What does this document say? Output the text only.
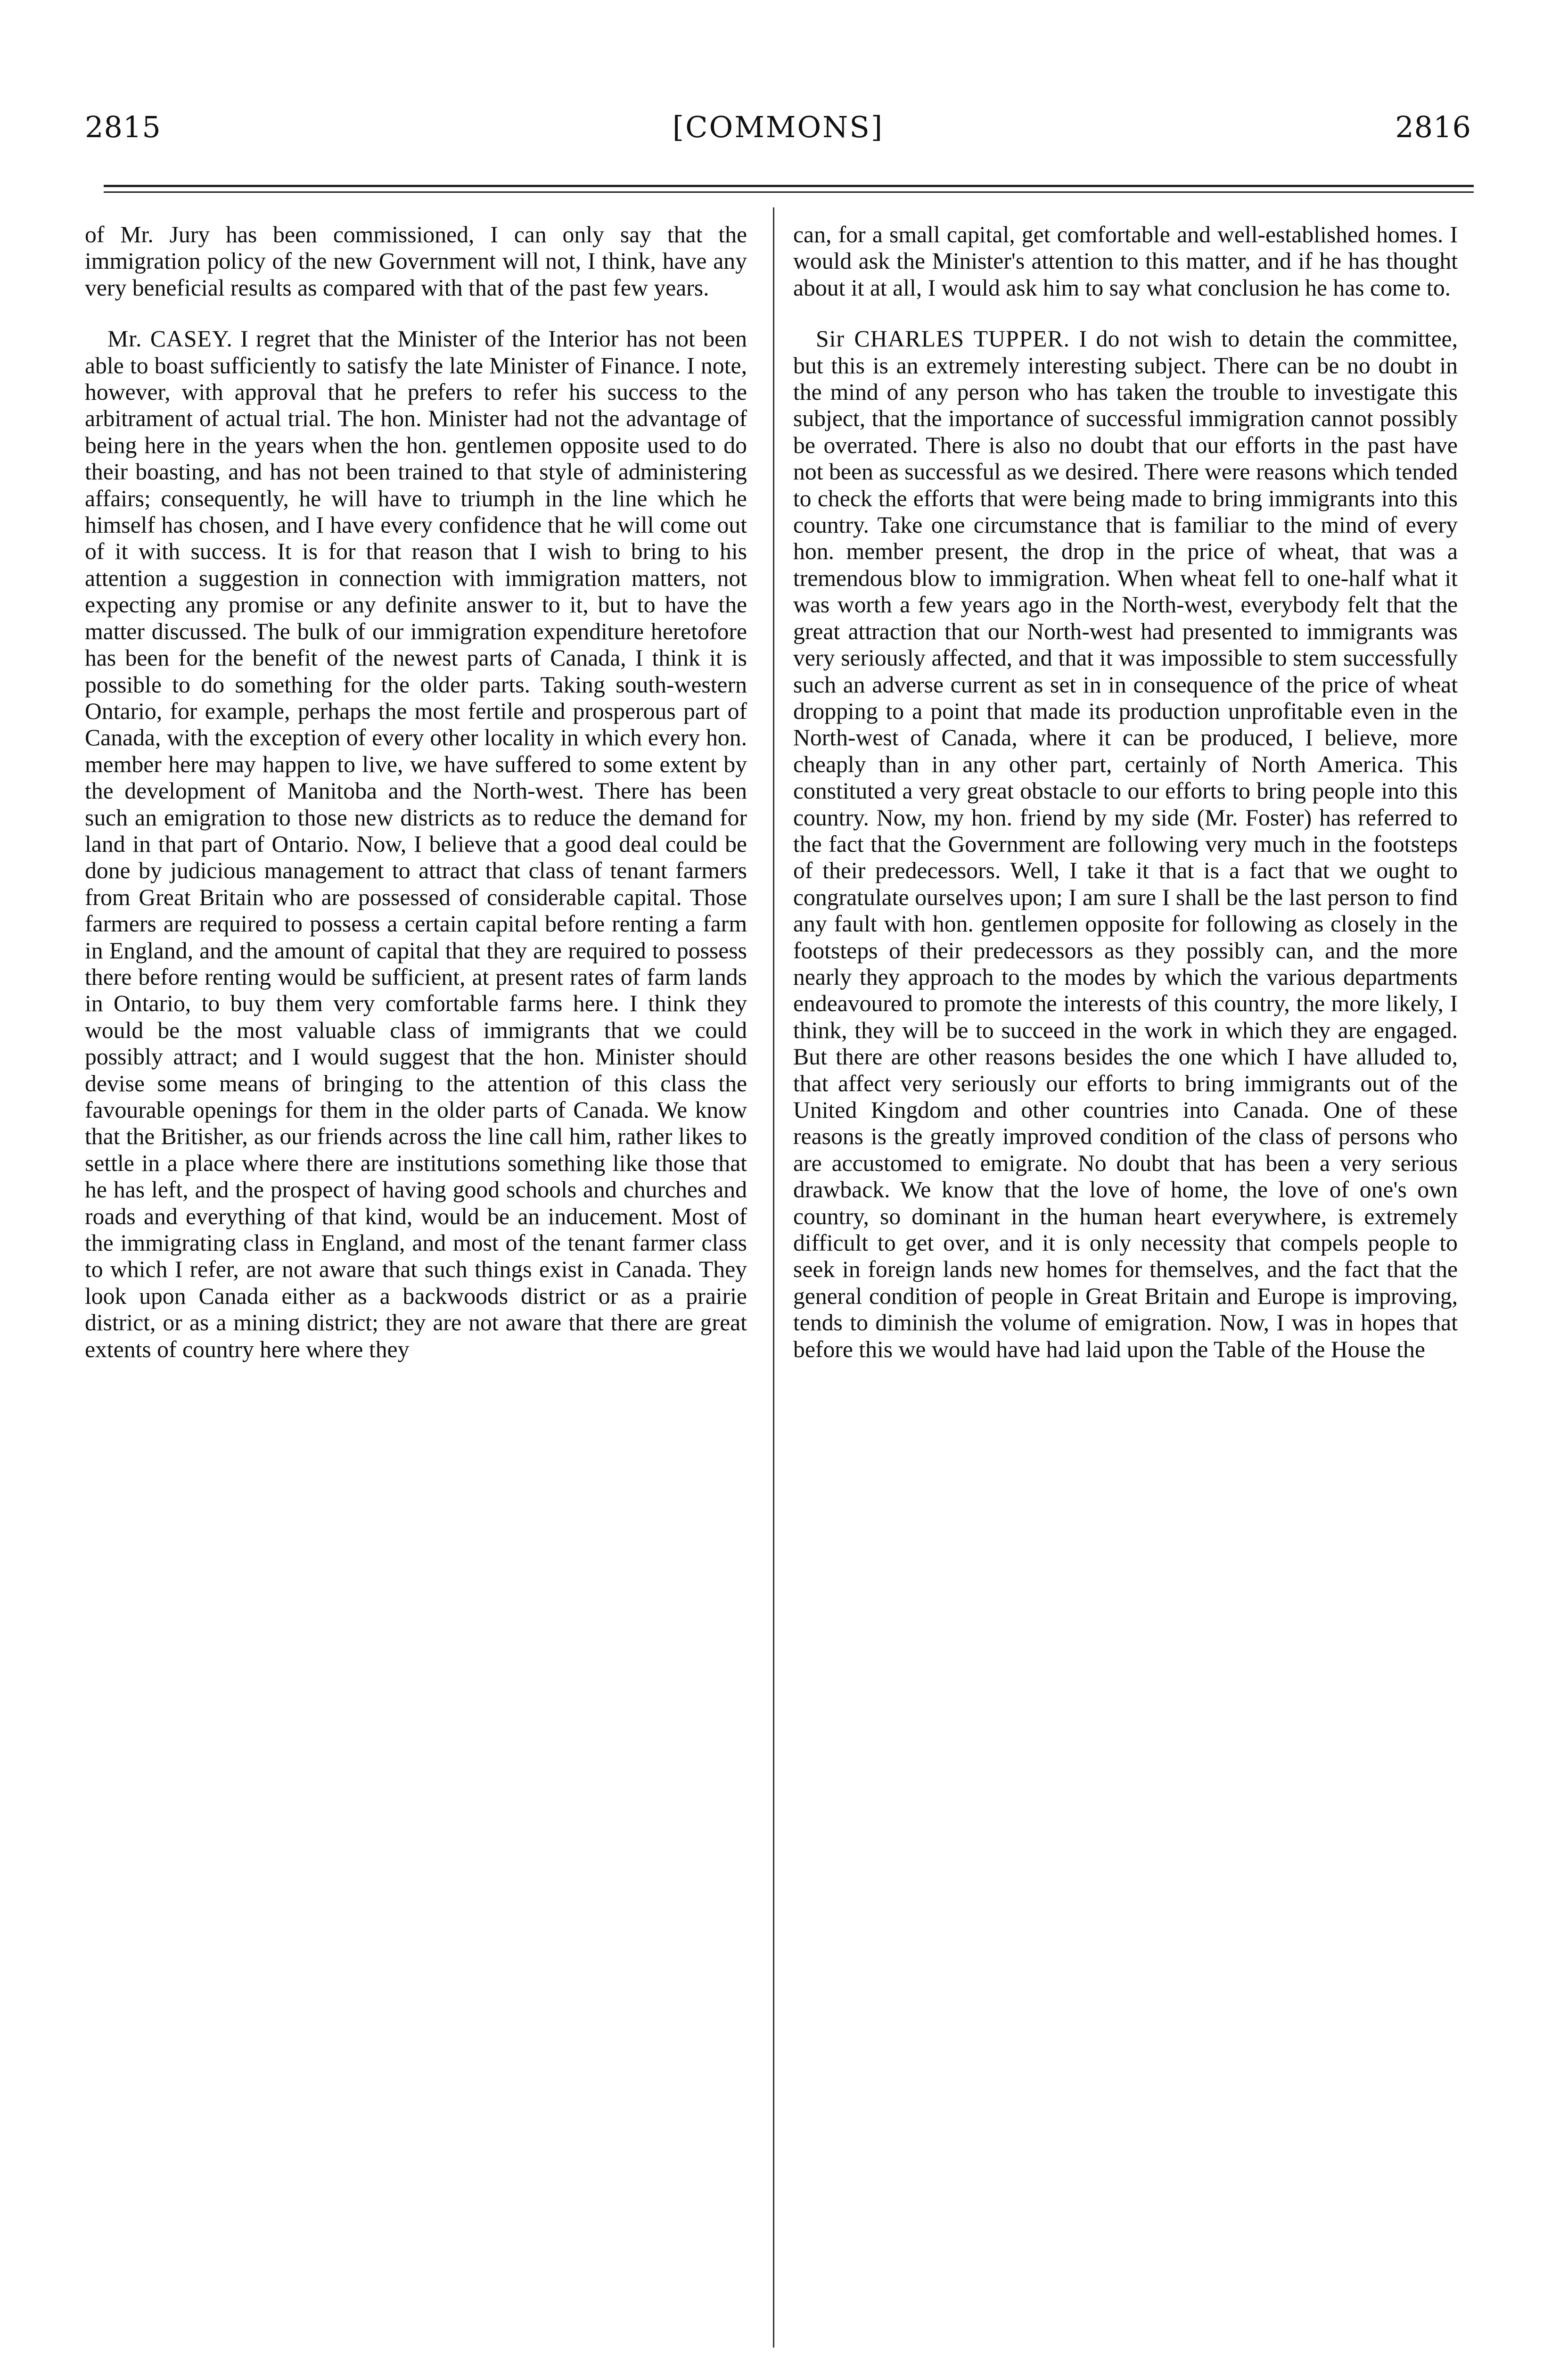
2815	[COMMONS]	2816

of Mr. Jury has been commissioned, I can only say that the immigration policy of the new Government will not, I think, have any very beneficial results as compared with that of the past few years.

Mr. CASEY. I regret that the Minister of the Interior has not been able to boast sufficiently to satisfy the late Minister of Finance. I note, however, with approval that he prefers to refer his success to the arbitrament of actual trial. The hon. Minister had not the advantage of being here in the years when the hon. gentlemen opposite used to do their boasting, and has not been trained to that style of administering affairs; consequently, he will have to triumph in the line which he himself has chosen, and I have every confidence that he will come out of it with success. It is for that reason that I wish to bring to his attention a suggestion in connection with immigration matters, not expecting any promise or any definite answer to it, but to have the matter discussed. The bulk of our immigration expenditure heretofore has been for the benefit of the newest parts of Canada, I think it is possible to do something for the older parts. Taking south-western Ontario, for example, perhaps the most fertile and prosperous part of Canada, with the exception of every other locality in which every hon. member here may happen to live, we have suffered to some extent by the development of Manitoba and the North-west. There has been such an emigration to those new districts as to reduce the demand for land in that part of Ontario. Now, I believe that a good deal could be done by judicious management to attract that class of tenant farmers from Great Britain who are possessed of considerable capital. Those farmers are required to possess a certain capital before renting a farm in England, and the amount of capital that they are required to possess there before renting would be sufficient, at present rates of farm lands in Ontario, to buy them very comfortable farms here. I think they would be the most valuable class of immigrants that we could possibly attract; and I would suggest that the hon. Minister should devise some means of bringing to the attention of this class the favourable openings for them in the older parts of Canada. We know that the Britisher, as our friends across the line call him, rather likes to settle in a place where there are institutions something like those that he has left, and the prospect of having good schools and churches and roads and everything of that kind, would be an inducement. Most of the immigrating class in England, and most of the tenant farmer class to which I refer, are not aware that such things exist in Canada. They look upon Canada either as a backwoods district or as a prairie district, or as a mining district; they are not aware that there are great extents of country here where they

can, for a small capital, get comfortable and well-established homes. I would ask the Minister's attention to this matter, and if he has thought about it at all, I would ask him to say what conclusion he has come to.

Sir CHARLES TUPPER. I do not wish to detain the committee, but this is an extremely interesting subject. There can be no doubt in the mind of any person who has taken the trouble to investigate this subject, that the importance of successful immigration cannot possibly be overrated. There is also no doubt that our efforts in the past have not been as successful as we desired. There were reasons which tended to check the efforts that were being made to bring immigrants into this country. Take one circumstance that is familiar to the mind of every hon. member present, the drop in the price of wheat, that was a tremendous blow to immigration. When wheat fell to one-half what it was worth a few years ago in the North-west, everybody felt that the great attraction that our North-west had presented to immigrants was very seriously affected, and that it was impossible to stem successfully such an adverse current as set in in consequence of the price of wheat dropping to a point that made its production unprofitable even in the North-west of Canada, where it can be produced, I believe, more cheaply than in any other part, certainly of North America. This constituted a very great obstacle to our efforts to bring people into this country. Now, my hon. friend by my side (Mr. Foster) has referred to the fact that the Government are following very much in the footsteps of their predecessors. Well, I take it that is a fact that we ought to congratulate ourselves upon; I am sure I shall be the last person to find any fault with hon. gentlemen opposite for following as closely in the footsteps of their predecessors as they possibly can, and the more nearly they approach to the modes by which the various departments endeavoured to promote the interests of this country, the more likely, I think, they will be to succeed in the work in which they are engaged. But there are other reasons besides the one which I have alluded to, that affect very seriously our efforts to bring immigrants out of the United Kingdom and other countries into Canada. One of these reasons is the greatly improved condition of the class of persons who are accustomed to emigrate. No doubt that has been a very serious drawback. We know that the love of home, the love of one's own country, so dominant in the human heart everywhere, is extremely difficult to get over, and it is only necessity that compels people to seek in foreign lands new homes for themselves, and the fact that the general condition of people in Great Britain and Europe is improving, tends to diminish the volume of emigration. Now, I was in hopes that before this we would have had laid upon the Table of the House the
